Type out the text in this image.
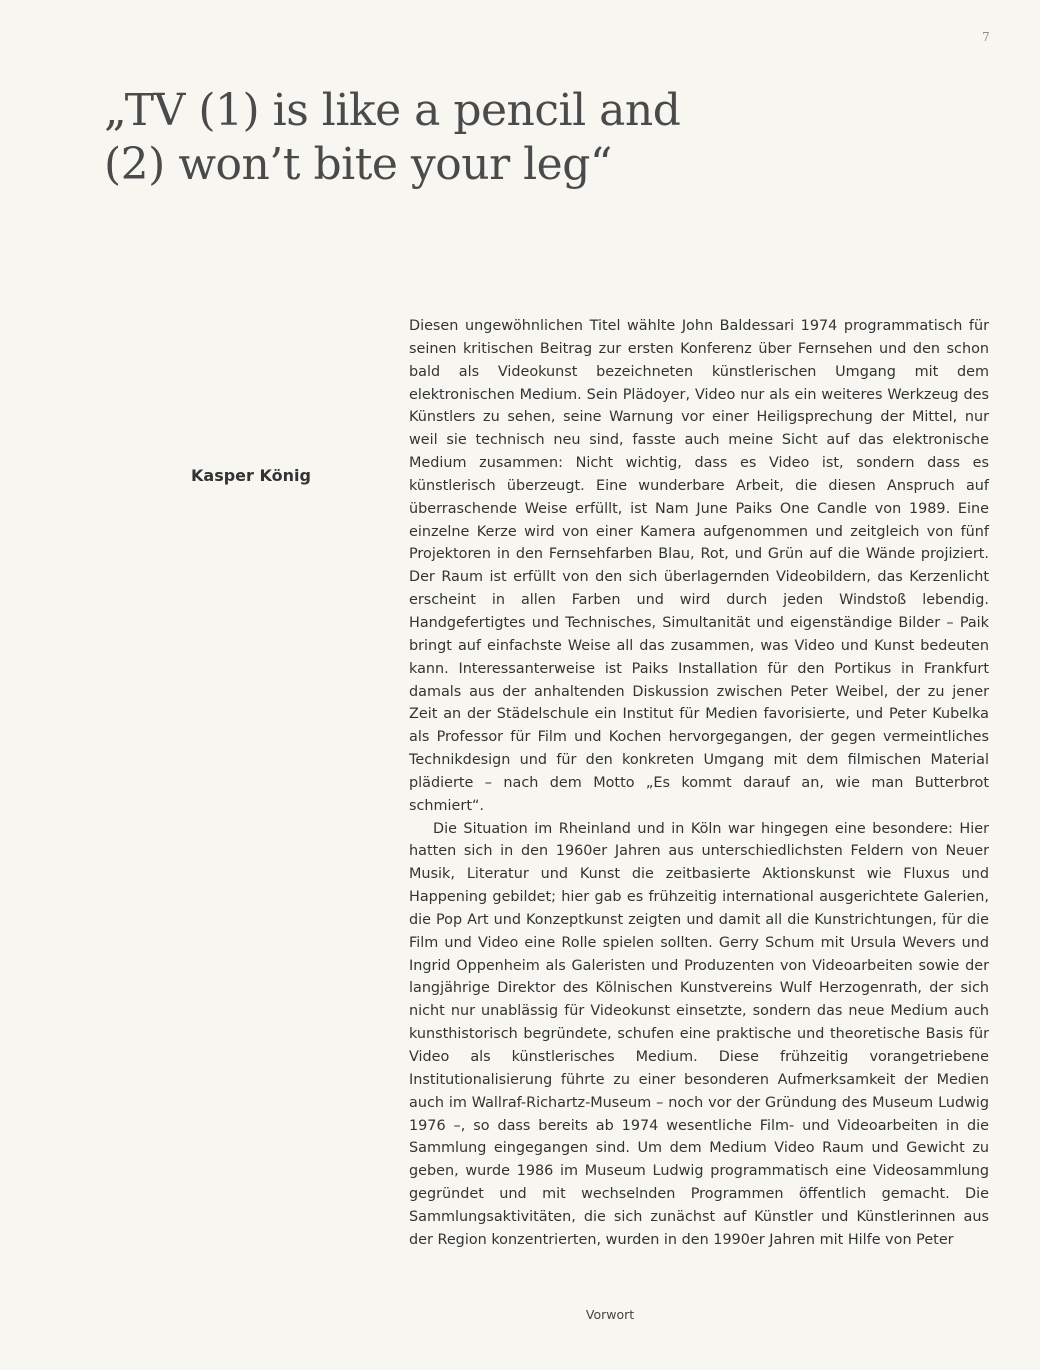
7
„TV (1) is like a pencil and
(2) won’t bite your leg“
Kasper König

Diesen ungewöhnlichen Titel wählte John Baldessari 1974 programmatisch für seinen kritischen Beitrag zur ersten Konferenz über Fernsehen und den schon bald als Videokunst bezeichneten künstlerischen Umgang mit dem elektronischen Medium. Sein Plädoyer, Video nur als ein weiteres Werkzeug des Künstlers zu sehen, seine Warnung vor einer Heiligsprechung der Mittel, nur weil sie technisch neu sind, fasste auch meine Sicht auf das elektronische Medium zusammen: Nicht wichtig, dass es Video ist, sondern dass es künstlerisch überzeugt. Eine wunderbare Arbeit, die diesen Anspruch auf überraschende Weise erfüllt, ist Nam June Paiks One Candle von 1989. Eine einzelne Kerze wird von einer Kamera aufgenommen und zeitgleich von fünf Projektoren in den Fernsehfarben Blau, Rot, und Grün auf die Wände projiziert. Der Raum ist erfüllt von den sich überlagernden Videobildern, das Kerzenlicht erscheint in allen Farben und wird durch jeden Windstoß lebendig. Handgefertigtes und Technisches, Simultanität und eigenständige Bilder – Paik bringt auf einfachste Weise all das zusammen, was Video und Kunst bedeuten kann. Interessanterweise ist Paiks Installation für den Portikus in Frankfurt damals aus der anhaltenden Diskussion zwischen Peter Weibel, der zu jener Zeit an der Städelschule ein Institut für Medien favorisierte, und Peter Kubelka als Professor für Film und Kochen hervorgegangen, der gegen vermeintliches Technikdesign und für den konkreten Umgang mit dem filmischen Material plädierte – nach dem Motto „Es kommt darauf an, wie man Butterbrot schmiert“.

Die Situation im Rheinland und in Köln war hingegen eine besondere: Hier hatten sich in den 1960er Jahren aus unterschiedlichsten Feldern von Neuer Musik, Literatur und Kunst die zeitbasierte Aktionskunst wie Fluxus und Happening gebildet; hier gab es frühzeitig international ausgerichtete Galerien, die Pop Art und Konzeptkunst zeigten und damit all die Kunstrichtungen, für die Film und Video eine Rolle spielen sollten. Gerry Schum mit Ursula Wevers und Ingrid Oppenheim als Galeristen und Produzenten von Videoarbeiten sowie der langjährige Direktor des Kölnischen Kunstvereins Wulf Herzogenrath, der sich nicht nur unablässig für Videokunst einsetzte, sondern das neue Medium auch kunsthistorisch begründete, schufen eine praktische und theoretische Basis für Video als künstlerisches Medium. Diese frühzeitig vorangetriebene Institutionalisierung führte zu einer besonderen Aufmerksamkeit der Medien auch im Wallraf-Richartz-Museum – noch vor der Gründung des Museum Ludwig 1976 –, so dass bereits ab 1974 wesentliche Film- und Videoarbeiten in die Sammlung eingegangen sind. Um dem Medium Video Raum und Gewicht zu geben, wurde 1986 im Museum Ludwig programmatisch eine Videosammlung gegründet und mit wechselnden Programmen öffentlich gemacht. Die Sammlungsaktivitäten, die sich zunächst auf Künstler und Künstlerinnen aus der Region konzentrierten, wurden in den 1990er Jahren mit Hilfe von Peter

Vorwort
